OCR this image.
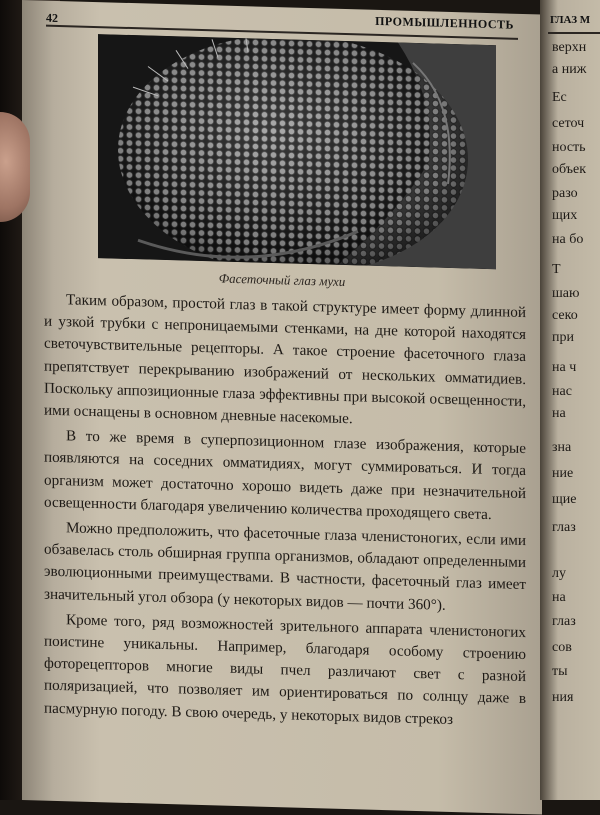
42	ПРОМЫШЛЕННОСТЬ
Фасеточный глаз мухи

Таким образом, простой глаз в такой структуре имеет форму длинной и узкой трубки с непроницаемыми стенками, на дне которой находятся светочувствительные рецепторы. А такое строение фасеточного глаза препятствует перекрыванию изображений от нескольких омматидиев. Поскольку аппозиционные глаза эффективны при высокой освещенности, ими оснащены в основном дневные насекомые.

В то же время в суперпозиционном глазе изображения, которые появляются на соседних омматидиях, могут суммироваться. И тогда организм может достаточно хорошо видеть даже при незначительной освещенности благодаря увеличению количества проходящего света.

Можно предположить, что фасеточные глаза членистоногих, если ими обзавелась столь обширная группа организмов, обладают определенными эволюционными преимуществами. В частности, фасеточный глаз имеет значительный угол обзора (у некоторых видов — почти 360°).

Кроме того, ряд возможностей зрительного аппарата членистоногих поистине уникальны. Например, благодаря особому строению фоторецепторов многие виды пчел различают свет с разной поляризацией, что позволяет им ориентироваться по солнцу даже в пасмурную погоду. В свою очередь, у некоторых видов стрекоз

ГЛАЗ М
верхн
а ниж
Ес
сеточ
ность
объек
разо
щих
на бо
Т
шаю
секо
при
на ч
нас
на
зна
ние
щие
глаз
лу
на
глаз
сов
ты
ния
